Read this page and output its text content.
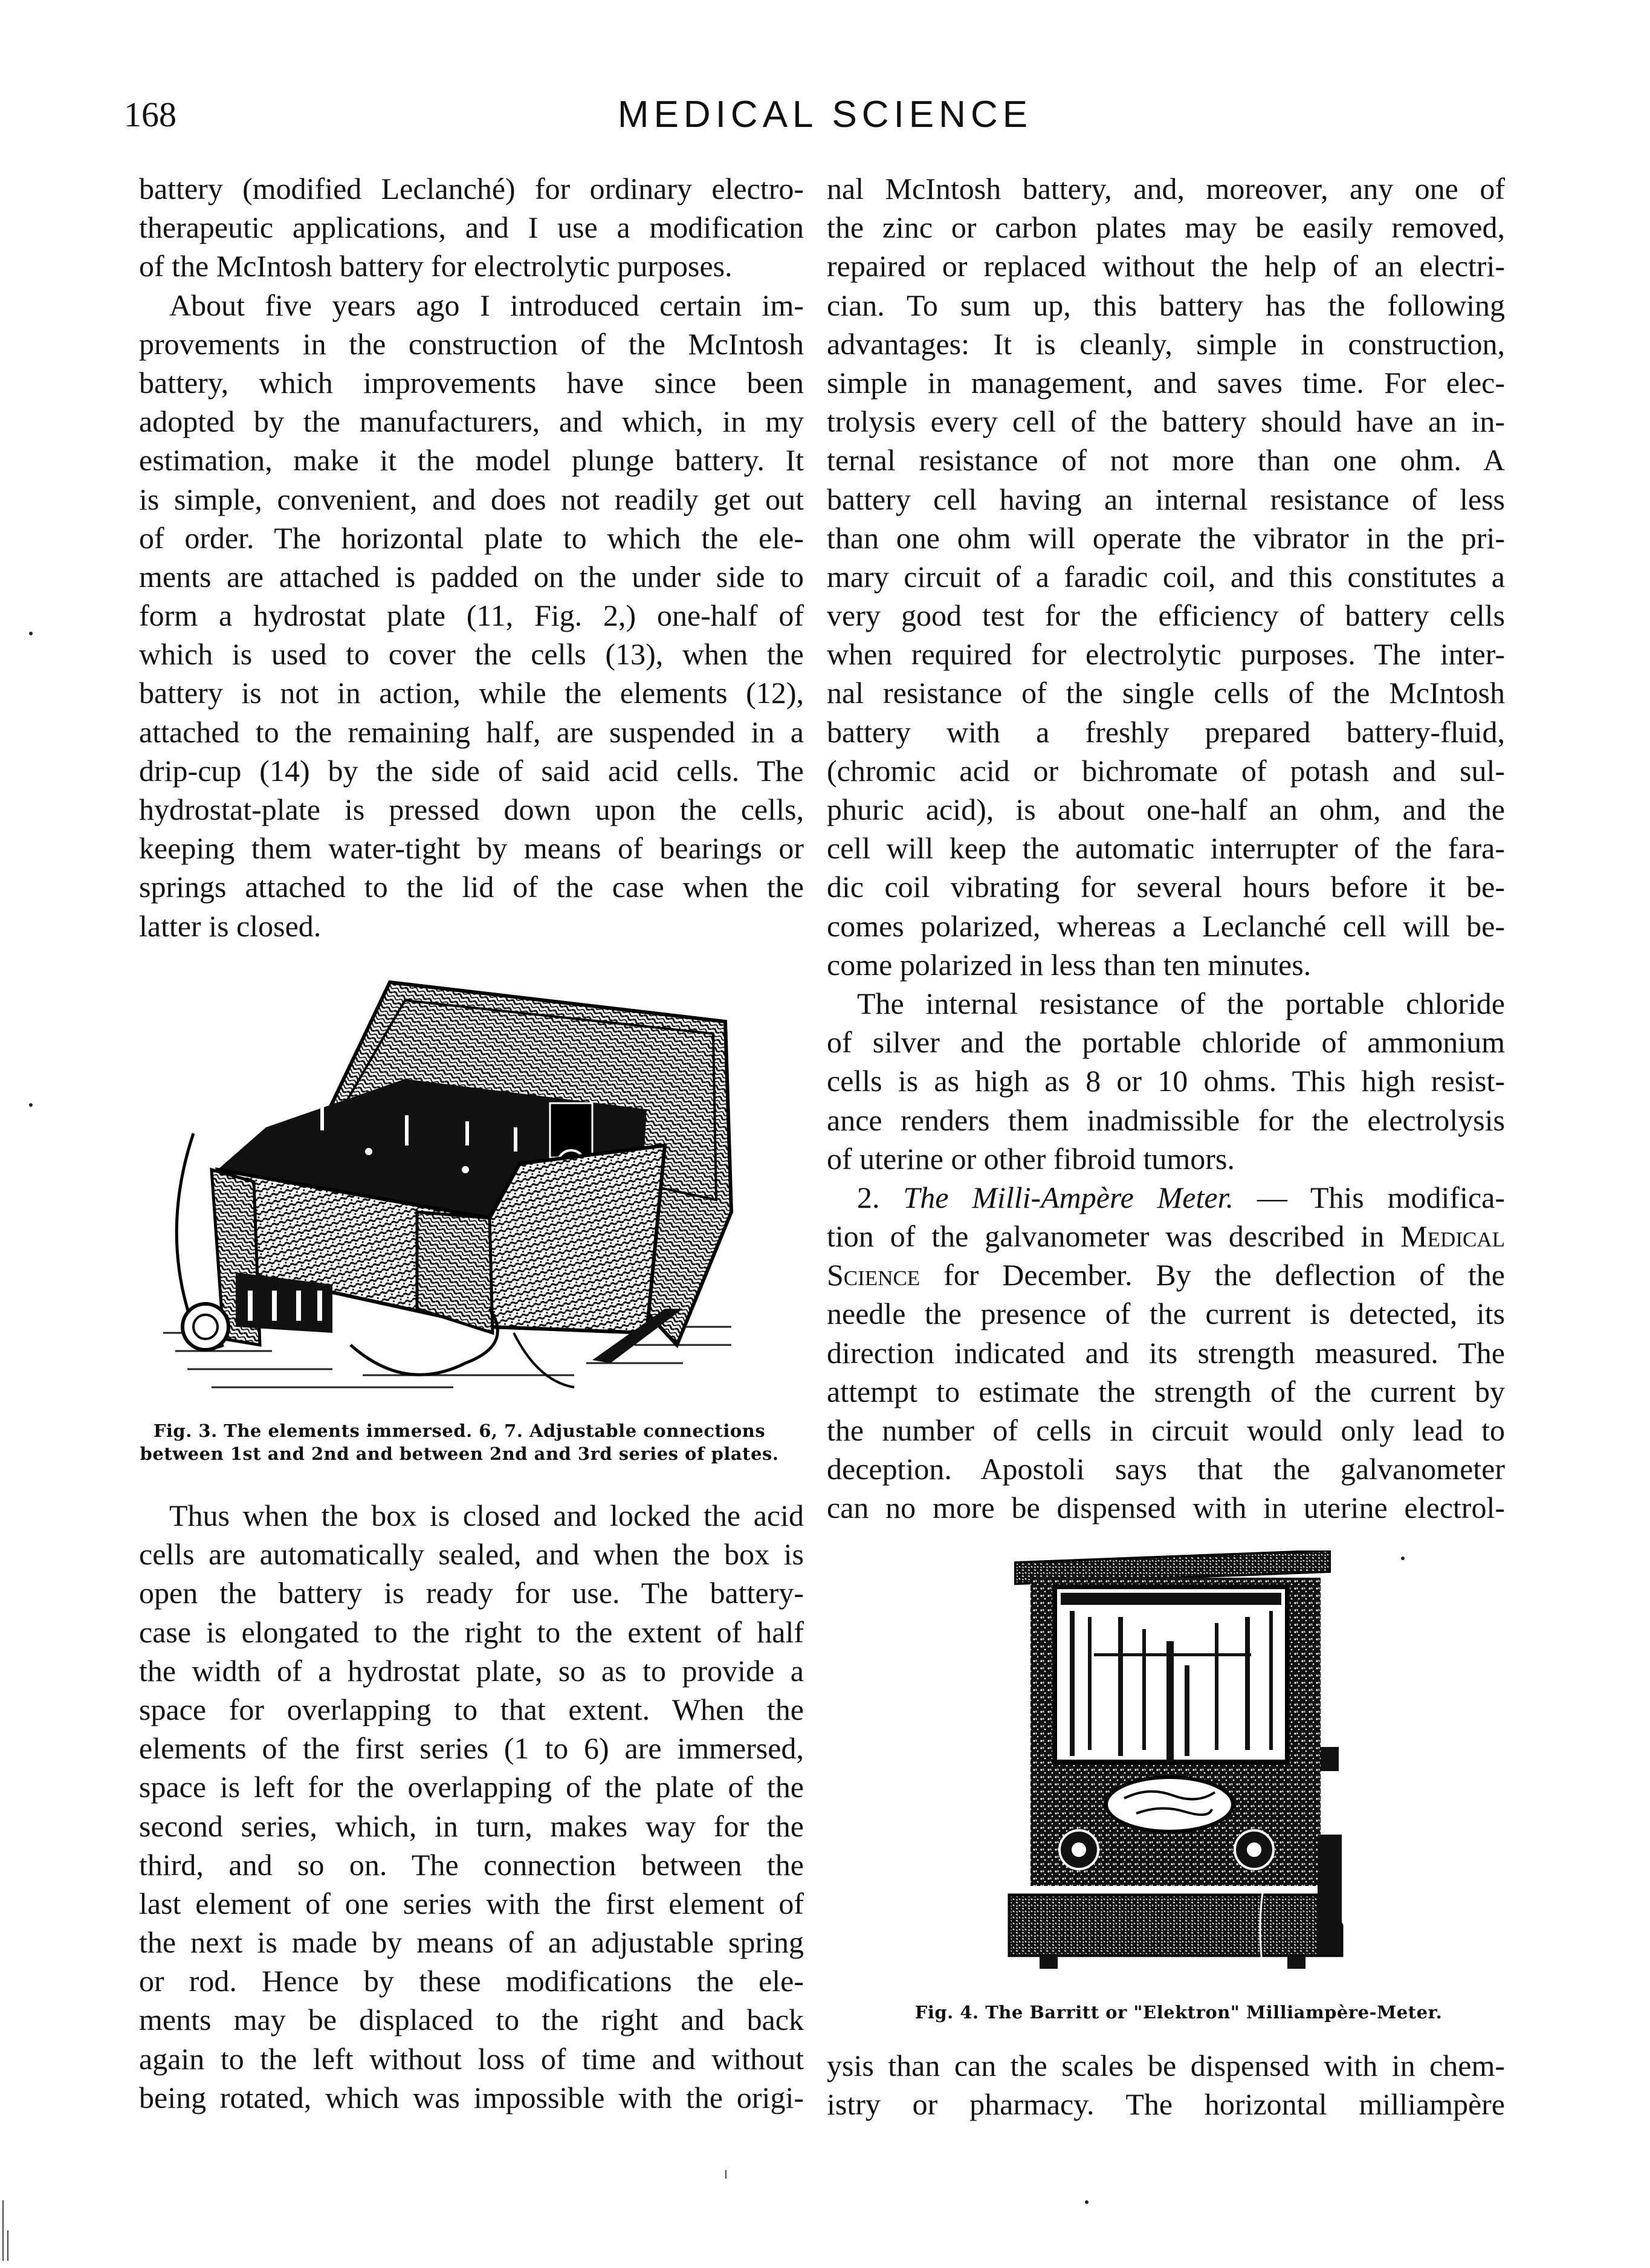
168	MEDICAL SCIENCE
battery (modified Leclanché) for ordinary electro-
therapeutic applications, and I use a modification
of the McIntosh battery for electrolytic purposes.
About five years ago I introduced certain im-
provements in the construction of the McIntosh
battery, which improvements have since been
adopted by the manufacturers, and which, in my
estimation, make it the model plunge battery. It
is simple, convenient, and does not readily get out
of order. The horizontal plate to which the ele-
ments are attached is padded on the under side to
form a hydrostat plate (11, Fig. 2,) one-half of
which is used to cover the cells (13), when the
battery is not in action, while the elements (12),
attached to the remaining half, are suspended in a
drip-cup (14) by the side of said acid cells. The
hydrostat-plate is pressed down upon the cells,
keeping them water-tight by means of bearings or
springs attached to the lid of the case when the
latter is closed.
Fig. 3. The elements immersed. 6, 7. Adjustable connections
between 1st and 2nd and between 2nd and 3rd series of plates.
Thus when the box is closed and locked the acid
cells are automatically sealed, and when the box is
open the battery is ready for use. The battery-
case is elongated to the right to the extent of half
the width of a hydrostat plate, so as to provide a
space for overlapping to that extent. When the
elements of the first series (1 to 6) are immersed,
space is left for the overlapping of the plate of the
second series, which, in turn, makes way for the
third, and so on. The connection between the
last element of one series with the first element of
the next is made by means of an adjustable spring
or rod. Hence by these modifications the ele-
ments may be displaced to the right and back
again to the left without loss of time and without
being rotated, which was impossible with the origi-
nal McIntosh battery, and, moreover, any one of
the zinc or carbon plates may be easily removed,
repaired or replaced without the help of an electri-
cian. To sum up, this battery has the following
advantages: It is cleanly, simple in construction,
simple in management, and saves time. For elec-
trolysis every cell of the battery should have an in-
ternal resistance of not more than one ohm. A
battery cell having an internal resistance of less
than one ohm will operate the vibrator in the pri-
mary circuit of a faradic coil, and this constitutes a
very good test for the efficiency of battery cells
when required for electrolytic purposes. The inter-
nal resistance of the single cells of the McIntosh
battery with a freshly prepared battery-fluid,
(chromic acid or bichromate of potash and sul-
phuric acid), is about one-half an ohm, and the
cell will keep the automatic interrupter of the fara-
dic coil vibrating for several hours before it be-
comes polarized, whereas a Leclanché cell will be-
come polarized in less than ten minutes.
The internal resistance of the portable chloride
of silver and the portable chloride of ammonium
cells is as high as 8 or 10 ohms. This high resist-
ance renders them inadmissible for the electrolysis
of uterine or other fibroid tumors.
2. The Milli-Ampère Meter. — This modifica-
tion of the galvanometer was described in Medical
Science for December. By the deflection of the
needle the presence of the current is detected, its
direction indicated and its strength measured. The
attempt to estimate the strength of the current by
the number of cells in circuit would only lead to
deception. Apostoli says that the galvanometer
can no more be dispensed with in uterine electrol-
Fig. 4. The Barritt or "Elektron" Milliampère-Meter.
ysis than can the scales be dispensed with in chem-
istry or pharmacy. The horizontal milliampère
